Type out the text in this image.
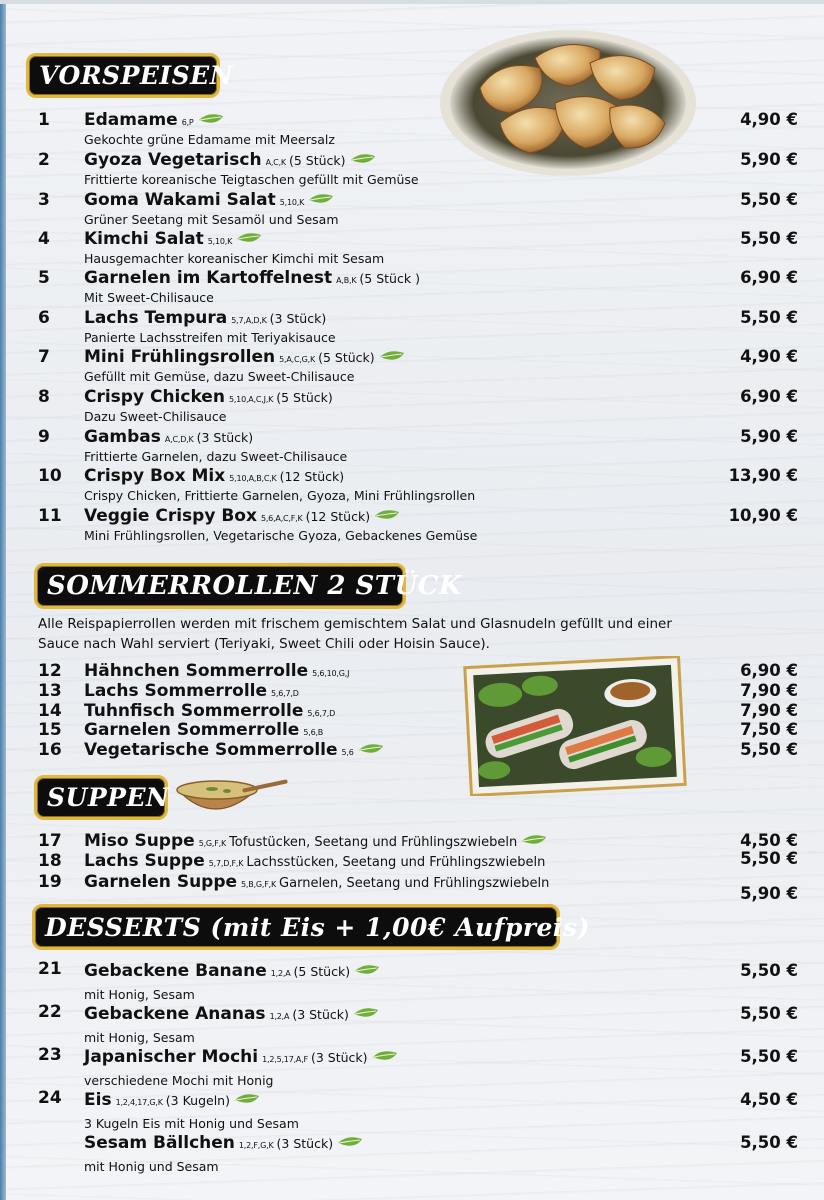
VORSPEISEN
SOMMERROLLEN 2 STÜCK
SUPPEN
DESSERTS (mit Eis + 1,00€ Aufpreis)
Alle Reispapierrollen werden mit frischem gemischtem Salat und Glasnudeln gefüllt und einer Sauce nach Wahl serviert (Teriyaki, Sweet Chili oder Hoisin Sauce).
1 Edamame 6,P
Gekochte grüne Edamame mit Meersalz
4,90 €
2 Gyoza Vegetarisch A,C,K (5 Stück)
Frittierte koreanische Teigtaschen gefüllt mit Gemüse
5,90 €
3 Goma Wakami Salat 5,10,K
Grüner Seetang mit Sesamöl und Sesam
5,50 €
4 Kimchi Salat 5,10,K
Hausgemachter koreanischer Kimchi mit Sesam
5,50 €
5 Garnelen im Kartoffelnest A,B,K (5 Stück )
Mit Sweet-Chilisauce
6,90 €
6 Lachs Tempura 5,7,A,D,K (3 Stück)
Panierte Lachsstreifen mit Teriyakisauce
5,50 €
7 Mini Frühlingsrollen 5,A,C,G,K (5 Stück)
Gefüllt mit Gemüse, dazu Sweet-Chilisauce
4,90 €
8 Crispy Chicken 5,10,A,C,J,K (5 Stück)
Dazu Sweet-Chilisauce
6,90 €
9 Gambas A,C,D,K (3 Stück)
Frittierte Garnelen, dazu Sweet-Chilisauce
5,90 €
10 Crispy Box Mix 5,10,A,B,C,K (12 Stück)
Crispy Chicken, Frittierte Garnelen, Gyoza, Mini Frühlingsrollen
13,90 €
11 Veggie Crispy Box 5,6,A,C,F,K (12 Stück)
Mini Frühlingsrollen, Vegetarische Gyoza, Gebackenes Gemüse
10,90 €
12 Hähnchen Sommerrolle 5,6,10,G,J	6,90 €
13 Lachs Sommerrolle 5,6,7,D	7,90 €
14 Tuhnfisch Sommerrolle 5,6,7,D	7,90 €
15 Garnelen Sommerrolle 5,6,B	7,50 €
16 Vegetarische Sommerrolle 5,6	5,50 €
17 Miso Suppe 5,G,F,K Tofustücken, Seetang und Frühlingszwiebeln	4,50 €
18 Lachs Suppe 5,7,D,F,K Lachsstücken, Seetang und Frühlingszwiebeln	5,50 €
19 Garnelen Suppe 5,B,G,F,K Garnelen, Seetang und Frühlingszwiebeln
5,90 €
21 Gebackene Banane 1,2,A (5 Stück)
mit Honig, Sesam
5,50 €
22 Gebackene Ananas 1,2,A (3 Stück)
mit Honig, Sesam
5,50 €
23 Japanischer Mochi 1,2,5,17,A,F (3 Stück)
verschiedene Mochi mit Honig
5,50 €
24 Eis 1,2,4,17,G,K (3 Kugeln)
3 Kugeln Eis mit Honig und Sesam
4,50 €
Sesam Bällchen 1,2,F,G,K (3 Stück)
mit Honig und Sesam
5,50 €
